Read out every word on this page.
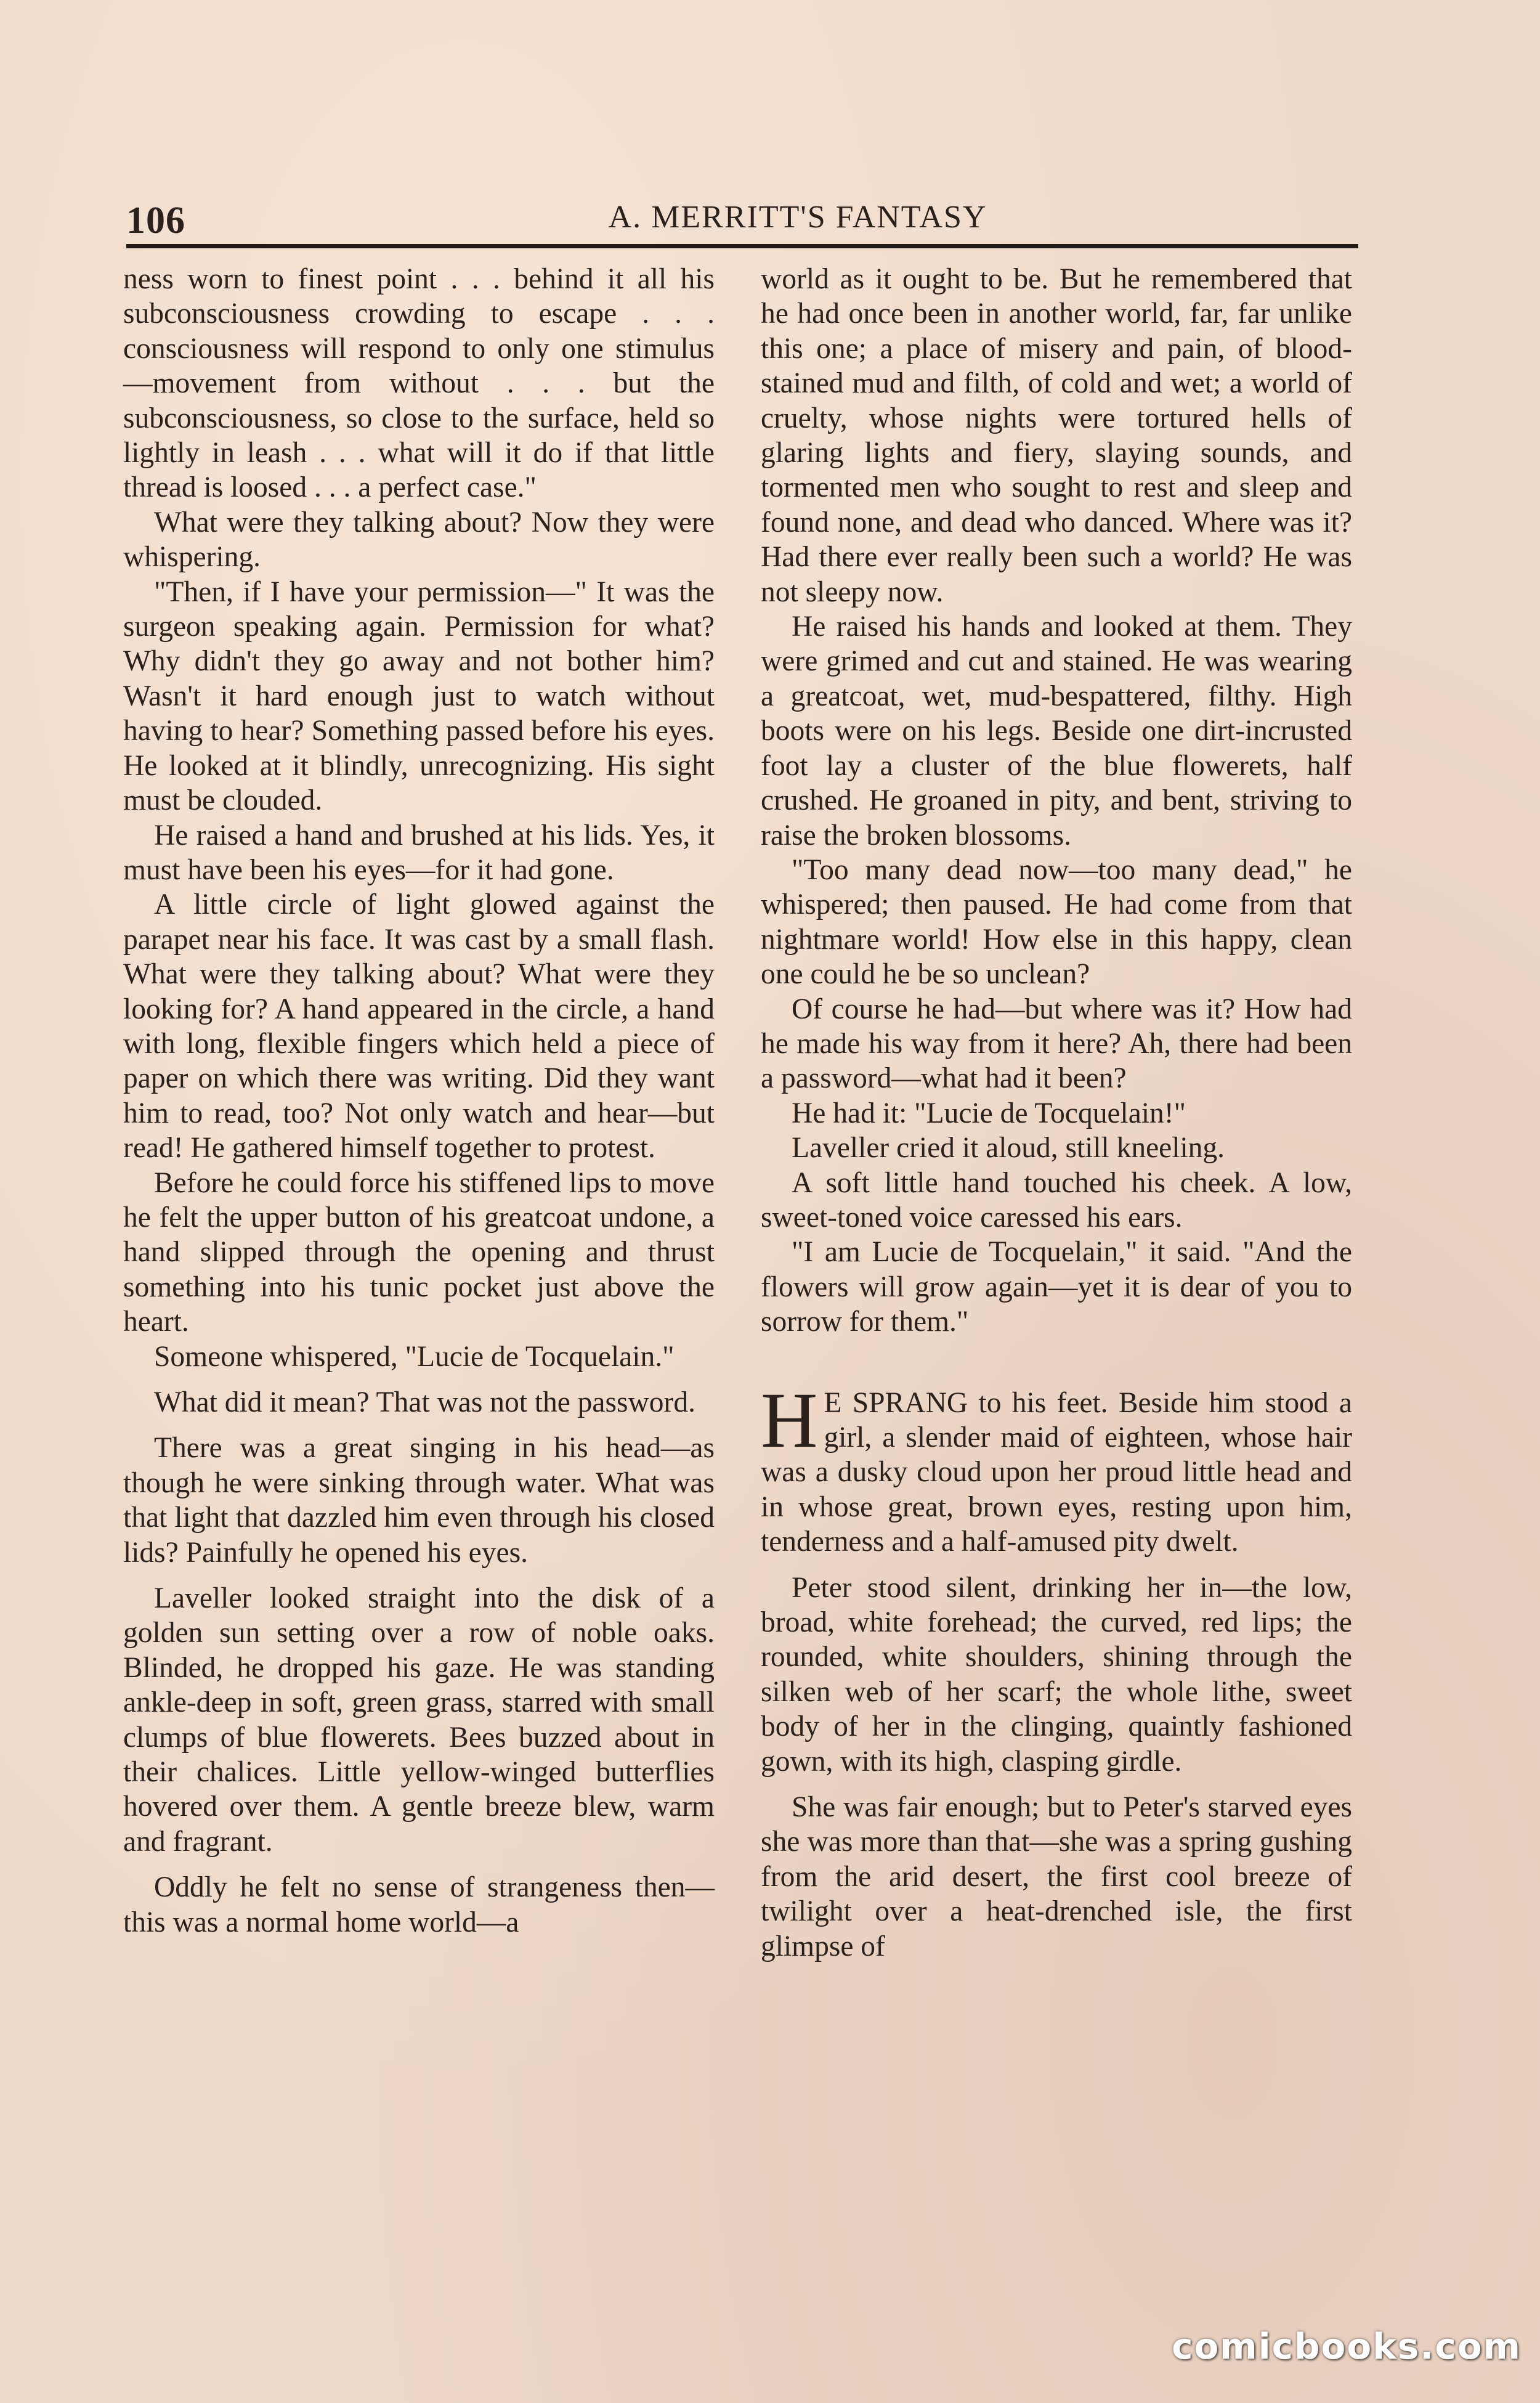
106	A. MERRITT'S FANTASY

ness worn to finest point . . . behind it all his subconsciousness crowding to escape . . . consciousness will respond to only one stimulus—movement from without . . . but the subconsciousness, so close to the surface, held so lightly in leash . . . what will it do if that little thread is loosed . . . a perfect case."

What were they talking about? Now they were whispering.

"Then, if I have your permission—" It was the surgeon speaking again. Permission for what? Why didn't they go away and not bother him? Wasn't it hard enough just to watch without having to hear? Something passed before his eyes. He looked at it blindly, unrecognizing. His sight must be clouded.

He raised a hand and brushed at his lids. Yes, it must have been his eyes—for it had gone.

A little circle of light glowed against the parapet near his face. It was cast by a small flash. What were they talking about? What were they looking for? A hand appeared in the circle, a hand with long, flexible fingers which held a piece of paper on which there was writing. Did they want him to read, too? Not only watch and hear—but read! He gathered himself together to protest.

Before he could force his stiffened lips to move he felt the upper button of his greatcoat undone, a hand slipped through the opening and thrust something into his tunic pocket just above the heart.

Someone whispered, "Lucie de Tocquelain."

What did it mean? That was not the password.

There was a great singing in his head—as though he were sinking through water. What was that light that dazzled him even through his closed lids? Painfully he opened his eyes.

Laveller looked straight into the disk of a golden sun setting over a row of noble oaks. Blinded, he dropped his gaze. He was standing ankle-deep in soft, green grass, starred with small clumps of blue flowerets. Bees buzzed about in their chalices. Little yellow-winged butterflies hovered over them. A gentle breeze blew, warm and fragrant.

Oddly he felt no sense of strangeness then—this was a normal home world—a

world as it ought to be. But he remembered that he had once been in another world, far, far unlike this one; a place of misery and pain, of blood-stained mud and filth, of cold and wet; a world of cruelty, whose nights were tortured hells of glaring lights and fiery, slaying sounds, and tormented men who sought to rest and sleep and found none, and dead who danced. Where was it? Had there ever really been such a world? He was not sleepy now.

He raised his hands and looked at them. They were grimed and cut and stained. He was wearing a greatcoat, wet, mud-bespattered, filthy. High boots were on his legs. Beside one dirt-incrusted foot lay a cluster of the blue flowerets, half crushed. He groaned in pity, and bent, striving to raise the broken blossoms.

"Too many dead now—too many dead," he whispered; then paused. He had come from that nightmare world! How else in this happy, clean one could he be so unclean?

Of course he had—but where was it? How had he made his way from it here? Ah, there had been a password—what had it been?

He had it: "Lucie de Tocquelain!"

Laveller cried it aloud, still kneeling.

A soft little hand touched his cheek. A low, sweet-toned voice caressed his ears.

"I am Lucie de Tocquelain," it said. "And the flowers will grow again—yet it is dear of you to sorrow for them."

H E SPRANG to his feet. Beside him stood a girl, a slender maid of eighteen, whose hair was a dusky cloud upon her proud little head and in whose great, brown eyes, resting upon him, tenderness and a half-amused pity dwelt.

Peter stood silent, drinking her in—the low, broad, white forehead; the curved, red lips; the rounded, white shoulders, shining through the silken web of her scarf; the whole lithe, sweet body of her in the clinging, quaintly fashioned gown, with its high, clasping girdle.

She was fair enough; but to Peter's starved eyes she was more than that—she was a spring gushing from the arid desert, the first cool breeze of twilight over a heat-drenched isle, the first glimpse of

comicbooks.com
